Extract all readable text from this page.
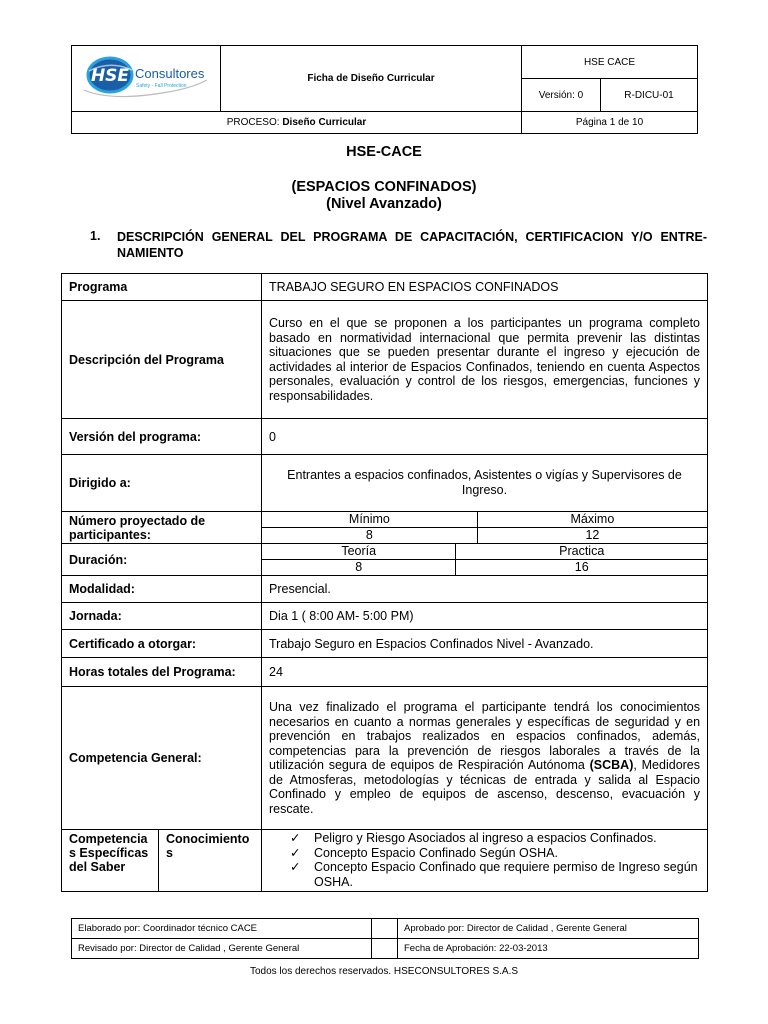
HSE Consultores
Safety - Fall Protection	Ficha de Diseño Curricular	HSE CACE	
		Versión: 0	R-DICU-01
PROCESO: Diseño Curricular		Página 1 de 10	
HSE-CACE
(ESPACIOS CONFINADOS)
(Nivel Avanzado)
1. DESCRIPCIÓN GENERAL DEL PROGRAMA DE CAPACITACIÓN, CERTIFICACION Y/O ENTRE-NAMIENTO
Programa	TRABAJO SEGURO EN ESPACIOS CONFINADOS
Descripción del Programa	Curso en el que se proponen a los participantes un programa completo basado en normatividad internacional que permita prevenir las distintas situaciones que se pueden presentar durante el ingreso y ejecución de actividades al interior de Espacios Confinados, teniendo en cuenta Aspectos personales, evaluación y control de los riesgos, emergencias, funciones y responsabilidades.
Versión del programa:	0
Dirigido a:	Entrantes a espacios confinados, Asistentes o vigías y Supervisores de Ingreso.
Número proyectado de participantes:	
Mínimo	Máximo
8	12

Duración:	
Teoría	Practica
8	16

Modalidad:	Presencial.
Jornada:	Dia 1 ( 8:00 AM- 5:00 PM)
Certificado a otorgar:	Trabajo Seguro en Espacios Confinados Nivel - Avanzado.
Horas totales del Programa:	24
Competencia General:	Una vez finalizado el programa el participante tendrá los conocimientos necesarios en cuanto a normas generales y específicas de seguridad y en prevención en trabajos realizados en espacios confinados, además, competencias para la prevención de riesgos laborales a través de la utilización segura de equipos de Respiración Autónoma (SCBA), Medidores de Atmosferas, metodologías y técnicas de entrada y salida al Espacio Confinado y empleo de equipos de ascenso, descenso, evacuación y rescate.
Competencia s Específicas del Saber	Conocimiento s	
✓ Peligro y Riesgo Asociados al ingreso a espacios Confinados.
✓ Concepto Espacio Confinado Según OSHA.
✓ Concepto Espacio Confinado que requiere permiso de Ingreso según OSHA.
Elaborado por: Coordinador técnico CACE		Aprobado por: Director de Calidad , Gerente General
Revisado por: Director de Calidad , Gerente General		Fecha de Aprobación: 22-03-2013
Todos los derechos reservados. HSECONSULTORES S.A.S
